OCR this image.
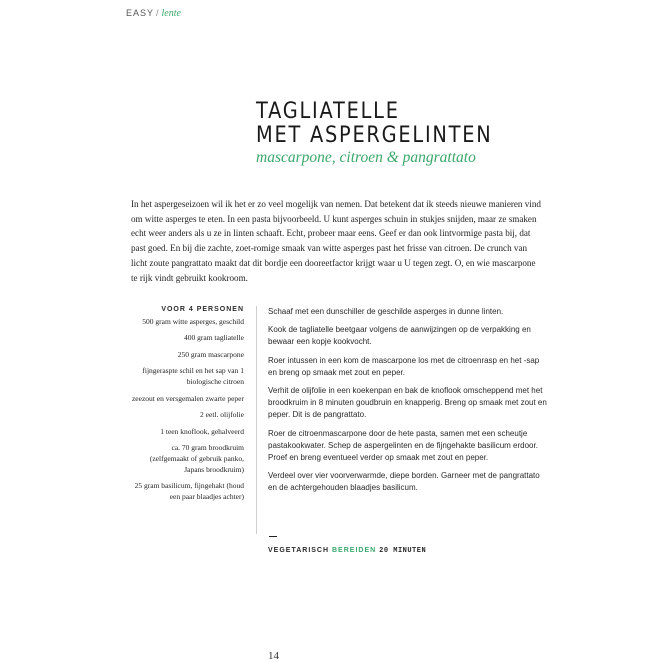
EASY / lente
TAGLIATELLE
MET ASPERGELINTEN
mascarpone, citroen & pangrattato

In het aspergeseizoen wil ik het er zo veel mogelijk van nemen. Dat betekent dat ik steeds nieuwe manieren vind om witte asperges te eten. In een pasta bijvoorbeeld. U kunt asperges schuin in stukjes snijden, maar ze smaken echt weer anders als u ze in linten schaaft. Echt, probeer maar eens. Geef er dan ook lintvormige pasta bij, dat past goed. En bij die zachte, zoet-romige smaak van witte asperges past het frisse van citroen. De crunch van licht zoute pangrattato maakt dat dit bordje een dooreetfactor krijgt waar u U tegen zegt. O, en wie mascarpone te rijk vindt gebruikt kookroom.

VOOR 4 PERSONEN
500 gram witte asperges, geschild
400 gram tagliatelle
250 gram mascarpone
fijngeraspte schil en het sap van 1 biologische citroen
zeezout en versgemalen zwarte peper
2 eetl. olijfolie
1 teen knoflook, gehalveerd
ca. 70 gram broodkruim (zelfgemaakt of gebruik panko, Japans broodkruim)
25 gram basilicum, fijngehakt (houd een paar blaadjes achter)

Schaaf met een dunschiller de geschilde asperges in dunne linten.

Kook de tagliatelle beetgaar volgens de aanwijzingen op de verpakking en bewaar een kopje kookvocht.

Roer intussen in een kom de mascarpone los met de citroenrasp en het -sap en breng op smaak met zout en peper.

Verhit de olijfolie in een koekenpan en bak de knoflook omscheppend met het broodkruim in 8 minuten goudbruin en knapperig. Breng op smaak met zout en peper. Dit is de pangrattato.

Roer de citroenmascarpone door de hete pasta, samen met een scheutje pastakookwater. Schep de aspergelinten en de fijngehakte basilicum erdoor. Proef en breng eventueel verder op smaak met zout en peper.

Verdeel over vier voorverwarmde, diepe borden. Garneer met de pangrattato en de achtergehouden blaadjes basilicum.

VEGETARISCH BEREIDEN 20 MINUTEN
14
